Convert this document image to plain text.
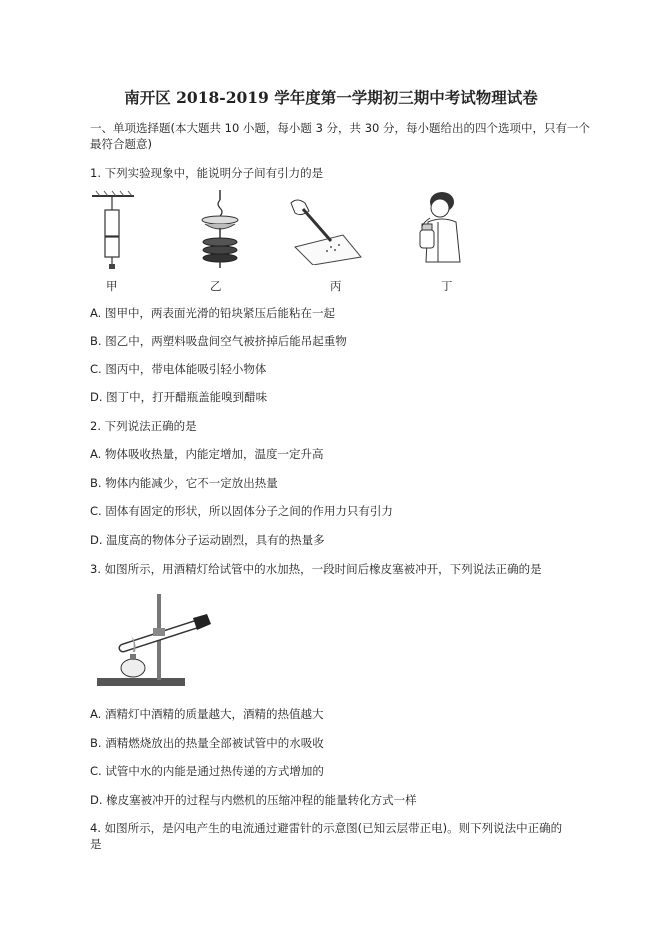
南开区 2018-2019 学年度第一学期初三期中考试物理试卷
一、单项选择题(本大题共 10 小题，每小题 3 分，共 30 分，每小题给出的四个选项中，只有一个
最符合题意)
1. 下列实验现象中，能说明分子间有引力的是
甲	乙	丙	丁
A. 图甲中，两表面光滑的铅块紧压后能粘在一起
B. 图乙中，两塑料吸盘间空气被挤掉后能吊起重物
C. 图丙中，带电体能吸引轻小物体
D. 图丁中，打开醋瓶盖能嗅到醋味
2. 下列说法正确的是
A. 物体吸收热量，内能定增加，温度一定升高
B. 物体内能减少，它不一定放出热量
C. 固体有固定的形状，所以固体分子之间的作用力只有引力
D. 温度高的物体分子运动剧烈，具有的热量多
3. 如图所示，用酒精灯给试管中的水加热，一段时间后橡皮塞被冲开，下列说法正确的是
A. 酒精灯中酒精的质量越大，酒精的热值越大
B. 酒精燃烧放出的热量全部被试管中的水吸收
C. 试管中水的内能是通过热传递的方式增加的
D. 橡皮塞被冲开的过程与内燃机的压缩冲程的能量转化方式一样
4. 如图所示，是闪电产生的电流通过避雷针的示意图(已知云层带正电)。则下列说法中正确的
是
